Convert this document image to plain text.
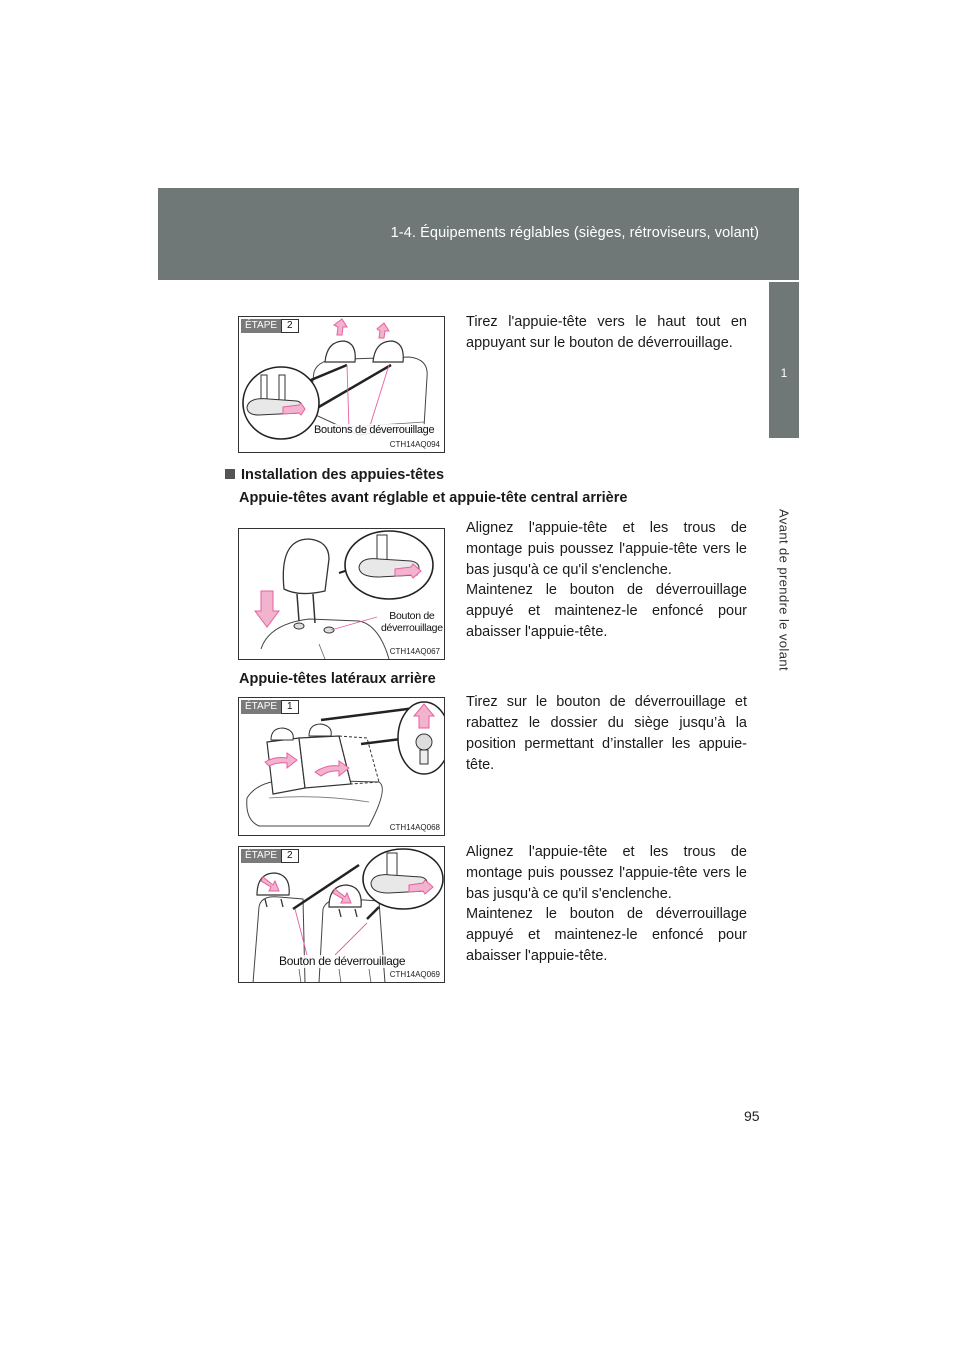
1-4. Équipements réglables (sièges, rétroviseurs, volant)
1
Avant de prendre le volant
ÉTAPE	2
Boutons de déverrouillage
CTH14AQ094
Tirez l'appuie-tête vers le haut tout en appuyant sur le bouton de déverrouillage.
Installation des appuies-têtes
Appuie-têtes avant réglable et appuie-tête central arrière
Bouton de
déverrouillage
CTH14AQ067
Alignez l'appuie-tête et les trous de montage puis poussez l'appuie-tête vers le bas jusqu'à ce qu'il s'enclenche.
Maintenez le bouton de déverrouillage appuyé et maintenez-le enfoncé pour abaisser l'appuie-tête.
Appuie-têtes latéraux arrière
ÉTAPE	1
CTH14AQ068
Tirez sur le bouton de déverrouillage et rabattez le dossier du siège jusqu’à la position permettant d’installer les appuie-tête.
ÉTAPE	2
Bouton de déverrouillage
CTH14AQ069
Alignez l'appuie-tête et les trous de montage puis poussez l'appuie-tête vers le bas jusqu'à ce qu'il s'enclenche.
Maintenez le bouton de déverrouillage appuyé et maintenez-le enfoncé pour abaisser l'appuie-tête.
95
